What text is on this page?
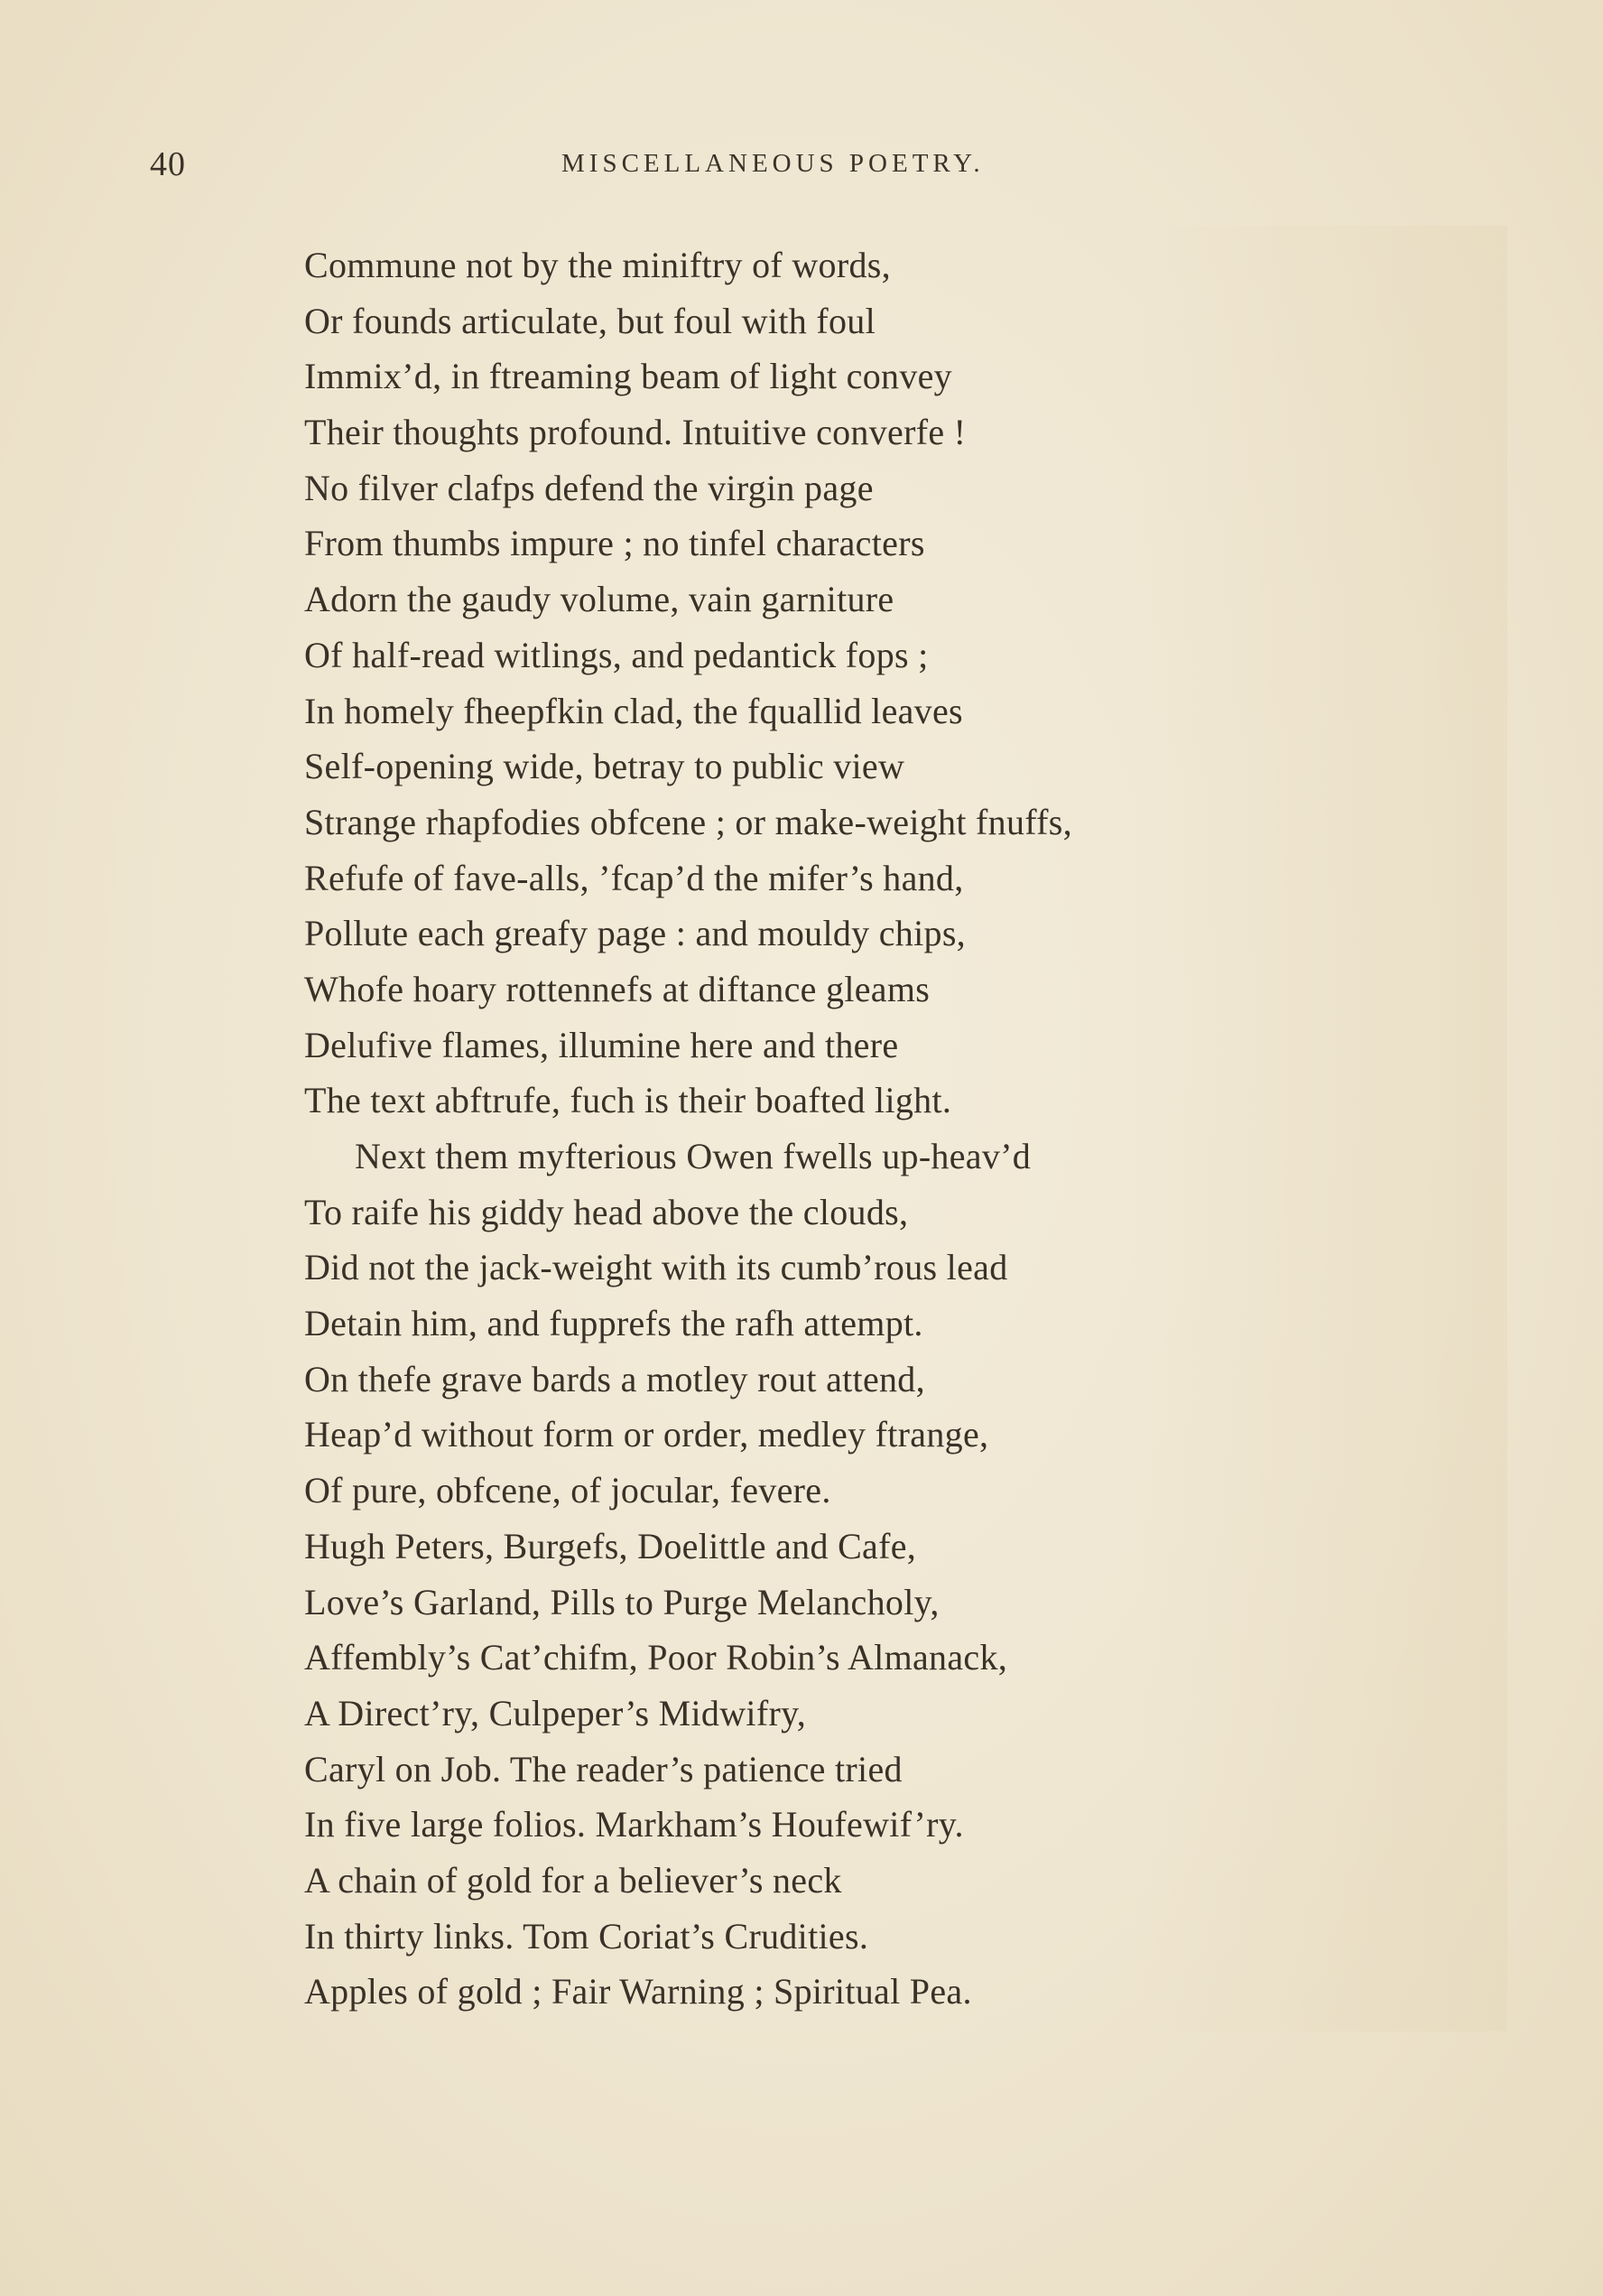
40	MISCELLANEOUS POETRY.
Commune not by the miniftry of words,
Or founds articulate, but foul with foul
Immix’d, in ftreaming beam of light convey
Their thoughts profound. Intuitive converfe !
No filver clafps defend the virgin page
From thumbs impure ; no tinfel characters
Adorn the gaudy volume, vain garniture
Of half-read witlings, and pedantick fops ;
In homely fheepfkin clad, the fquallid leaves
Self-opening wide, betray to public view
Strange rhapfodies obfcene ; or make-weight fnuffs,
Refufe of fave-alls, ’fcap’d the mifer’s hand,
Pollute each greafy page : and mouldy chips,
Whofe hoary rottennefs at diftance gleams
Delufive flames, illumine here and there
The text abftrufe, fuch is their boafted light.
Next them myfterious Owen fwells up-heav’d
To raife his giddy head above the clouds,
Did not the jack-weight with its cumb’rous lead
Detain him, and fupprefs the rafh attempt.
On thefe grave bards a motley rout attend,
Heap’d without form or order, medley ftrange,
Of pure, obfcene, of jocular, fevere.
Hugh Peters, Burgefs, Doelittle and Cafe,
Love’s Garland, Pills to Purge Melancholy,
Affembly’s Cat’chifm, Poor Robin’s Almanack,
A Direct’ry, Culpeper’s Midwifry,
Caryl on Job. The reader’s patience tried
In five large folios. Markham’s Houfewif’ry.
A chain of gold for a believer’s neck
In thirty links. Tom Coriat’s Crudities.
Apples of gold ; Fair Warning ; Spiritual Pea.
